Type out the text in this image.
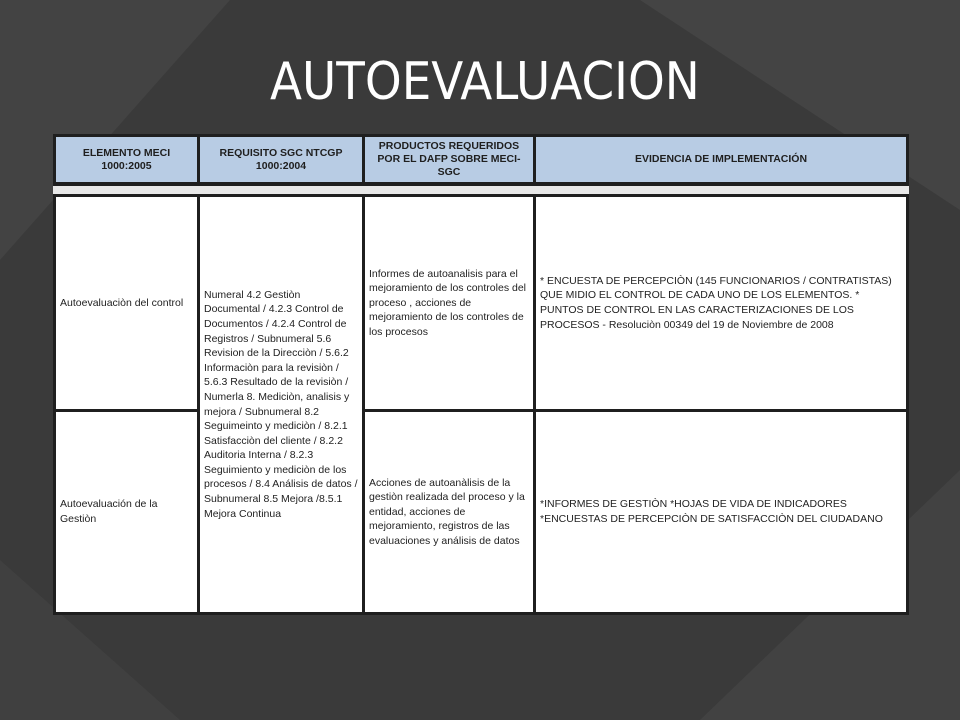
AUTOEVALUACION
ELEMENTO MECI 1000:2005
REQUISITO SGC NTCGP 1000:2004
PRODUCTOS REQUERIDOS POR EL DAFP SOBRE MECI-SGC
EVIDENCIA DE IMPLEMENTACIÓN
Autoevaluaciòn del control
Informes de autoanalisis para el mejoramiento de los controles del proceso , acciones de mejoramiento de los controles de los procesos
* ENCUESTA DE PERCEPCIÒN (145 FUNCIONARIOS / CONTRATISTAS) QUE MIDIO EL CONTROL DE CADA UNO DE LOS ELEMENTOS. * PUNTOS DE CONTROL EN LAS CARACTERIZACIONES DE LOS PROCESOS - Resoluciòn 00349 del 19 de Noviembre de 2008
Numeral 4.2 Gestiòn Documental / 4.2.3 Control de Documentos / 4.2.4 Control de Registros / Subnumeral 5.6 Revision de la Direcciòn / 5.6.2 Informaciòn para la revisiòn / 5.6.3 Resultado de la revisiòn / Numerla 8. Mediciòn, analisis y mejora / Subnumeral 8.2 Seguimeinto y mediciòn / 8.2.1 Satisfacciòn del cliente / 8.2.2 Auditoria Interna / 8.2.3 Seguimiento y mediciòn de los procesos / 8.4 Análisis de datos / Subnumeral 8.5 Mejora /8.5.1 Mejora Continua
Autoevaluación de la Gestiòn
Acciones de autoanàlisis de la gestiòn realizada del proceso y la entidad, acciones de mejoramiento, registros de las evaluaciones y análisis de datos
*INFORMES DE GESTIÒN *HOJAS DE VIDA DE INDICADORES *ENCUESTAS DE PERCEPCIÒN DE SATISFACCIÒN DEL CIUDADANO
